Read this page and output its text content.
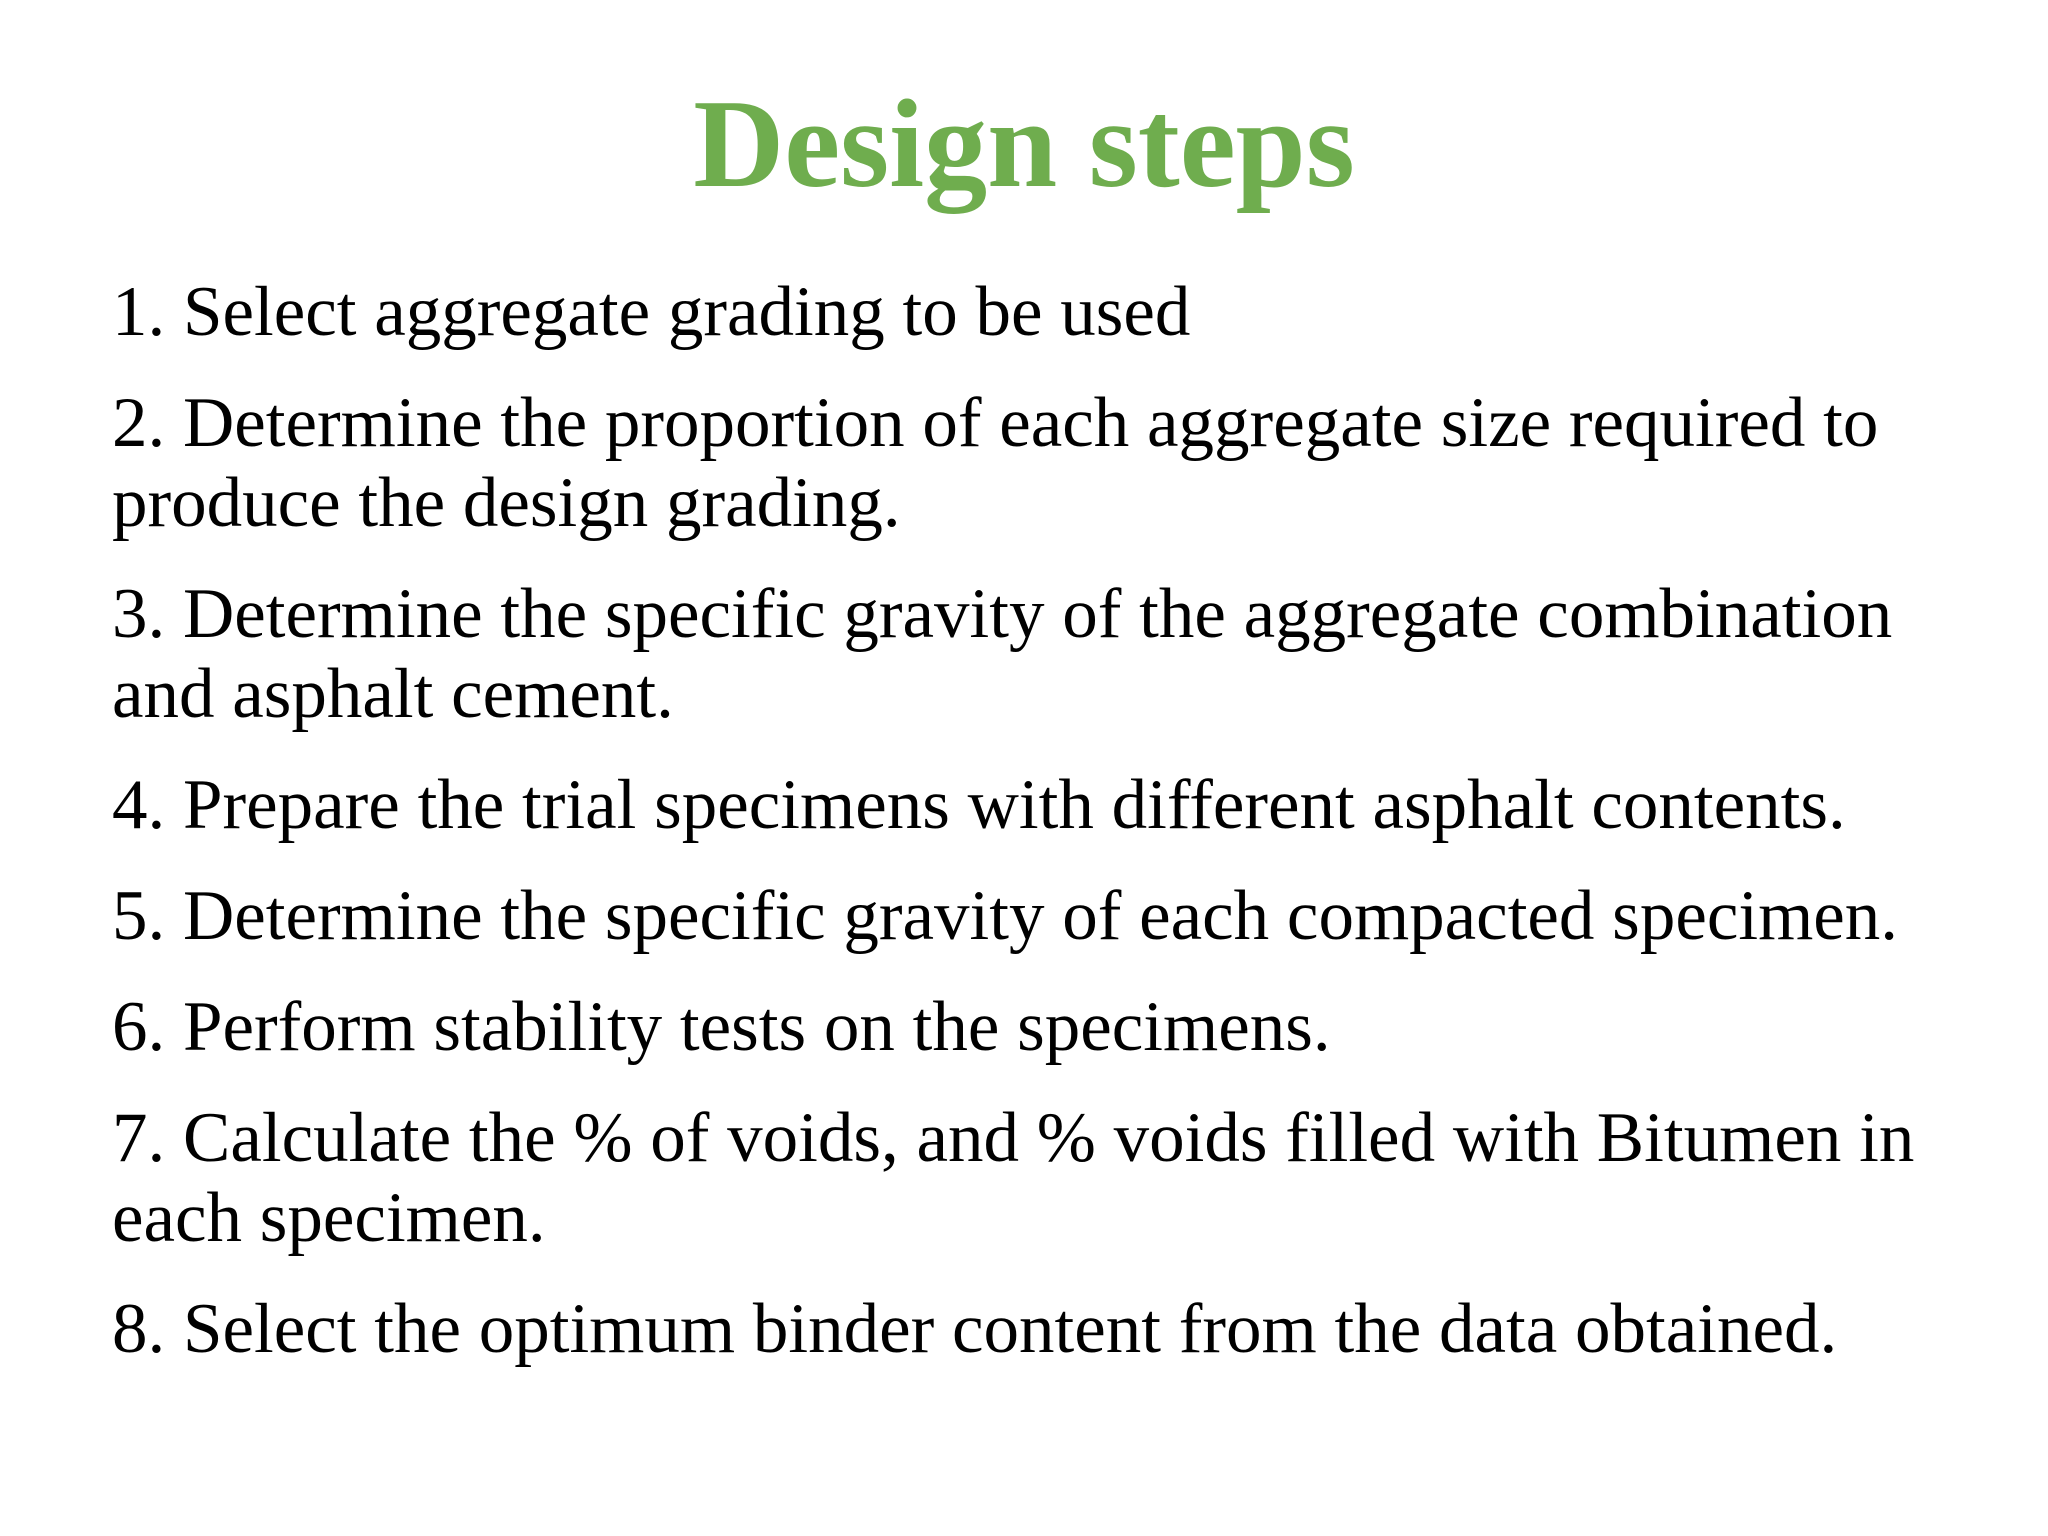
Design steps
1. Select aggregate grading to be used
2. Determine the proportion of each aggregate size required to produce the design grading.
3. Determine the specific gravity of the aggregate combination and asphalt cement.
4. Prepare the trial specimens with different asphalt contents.
5. Determine the specific gravity of each compacted specimen.
6. Perform stability tests on the specimens.
7. Calculate the % of voids, and % voids filled with Bitumen in each specimen.
8. Select the optimum binder content from the data obtained.
